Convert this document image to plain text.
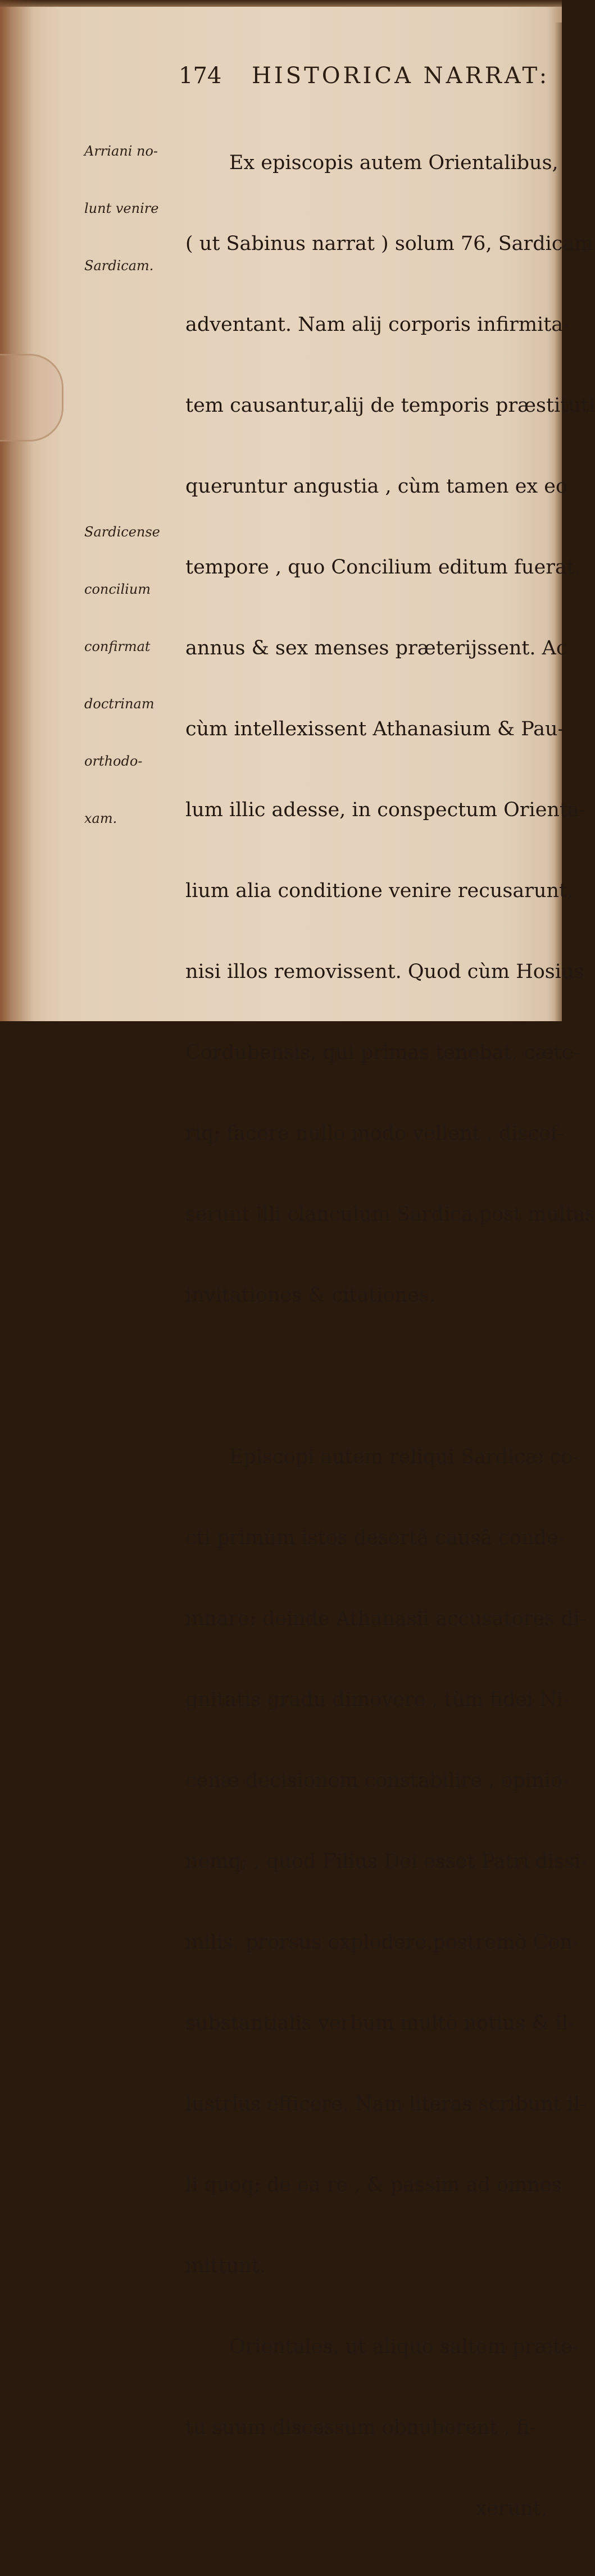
174 HISTORICA NARRAT:

Arriani no-

lunt venire

Sardicam.

Sardicense

concilium

confirmat

doctrinam

orthodo-

xam.

Ex episcopis autem Orientalibus,

( ut Sabinus narrat ) solum 76, Sardicam

adventant. Nam alij corporis infirmita-

tem causantur,alij de temporis præstituti

queruntur angustia , cùm tamen ex eo

tempore , quo Concilium editum fuerat,

annus & sex menses præterijssent. Ac

cùm intellexissent Athanasium & Pau-

lum illic adesse, in conspectum Orienta-

lium alia conditione venire recusarunt,

nisi illos removissent. Quod cùm Hosius

Cordubensis, qui primas tenebat, cæte-

riq; facere nullo modo vellent , discef-

serunt illi clanculum Sardica,post multas

invitationes & citationes.

Episcopi autem reliqui Sardicæ co-

cti primùm istos desertâ causâ conde-

mnare: deinde Athanasii accusatores di-

gnitatis gradu dimovere , tùm fidei Ni-

cenæ decisionem constabilire , opinio-

nemq; , quod Filius Dei esset Patri dissi-

milis, prorsus explodere,postremò Con-

substantialis verbum multò notius & il-

lustrius efficere. Nam literas scribunt il-

li quoq; de ea re , & passim ad omnes

mittunt.

Orientales, ut aliquo saltem præte-

tu suum discessum obnuberent , fi-

xerunt,
